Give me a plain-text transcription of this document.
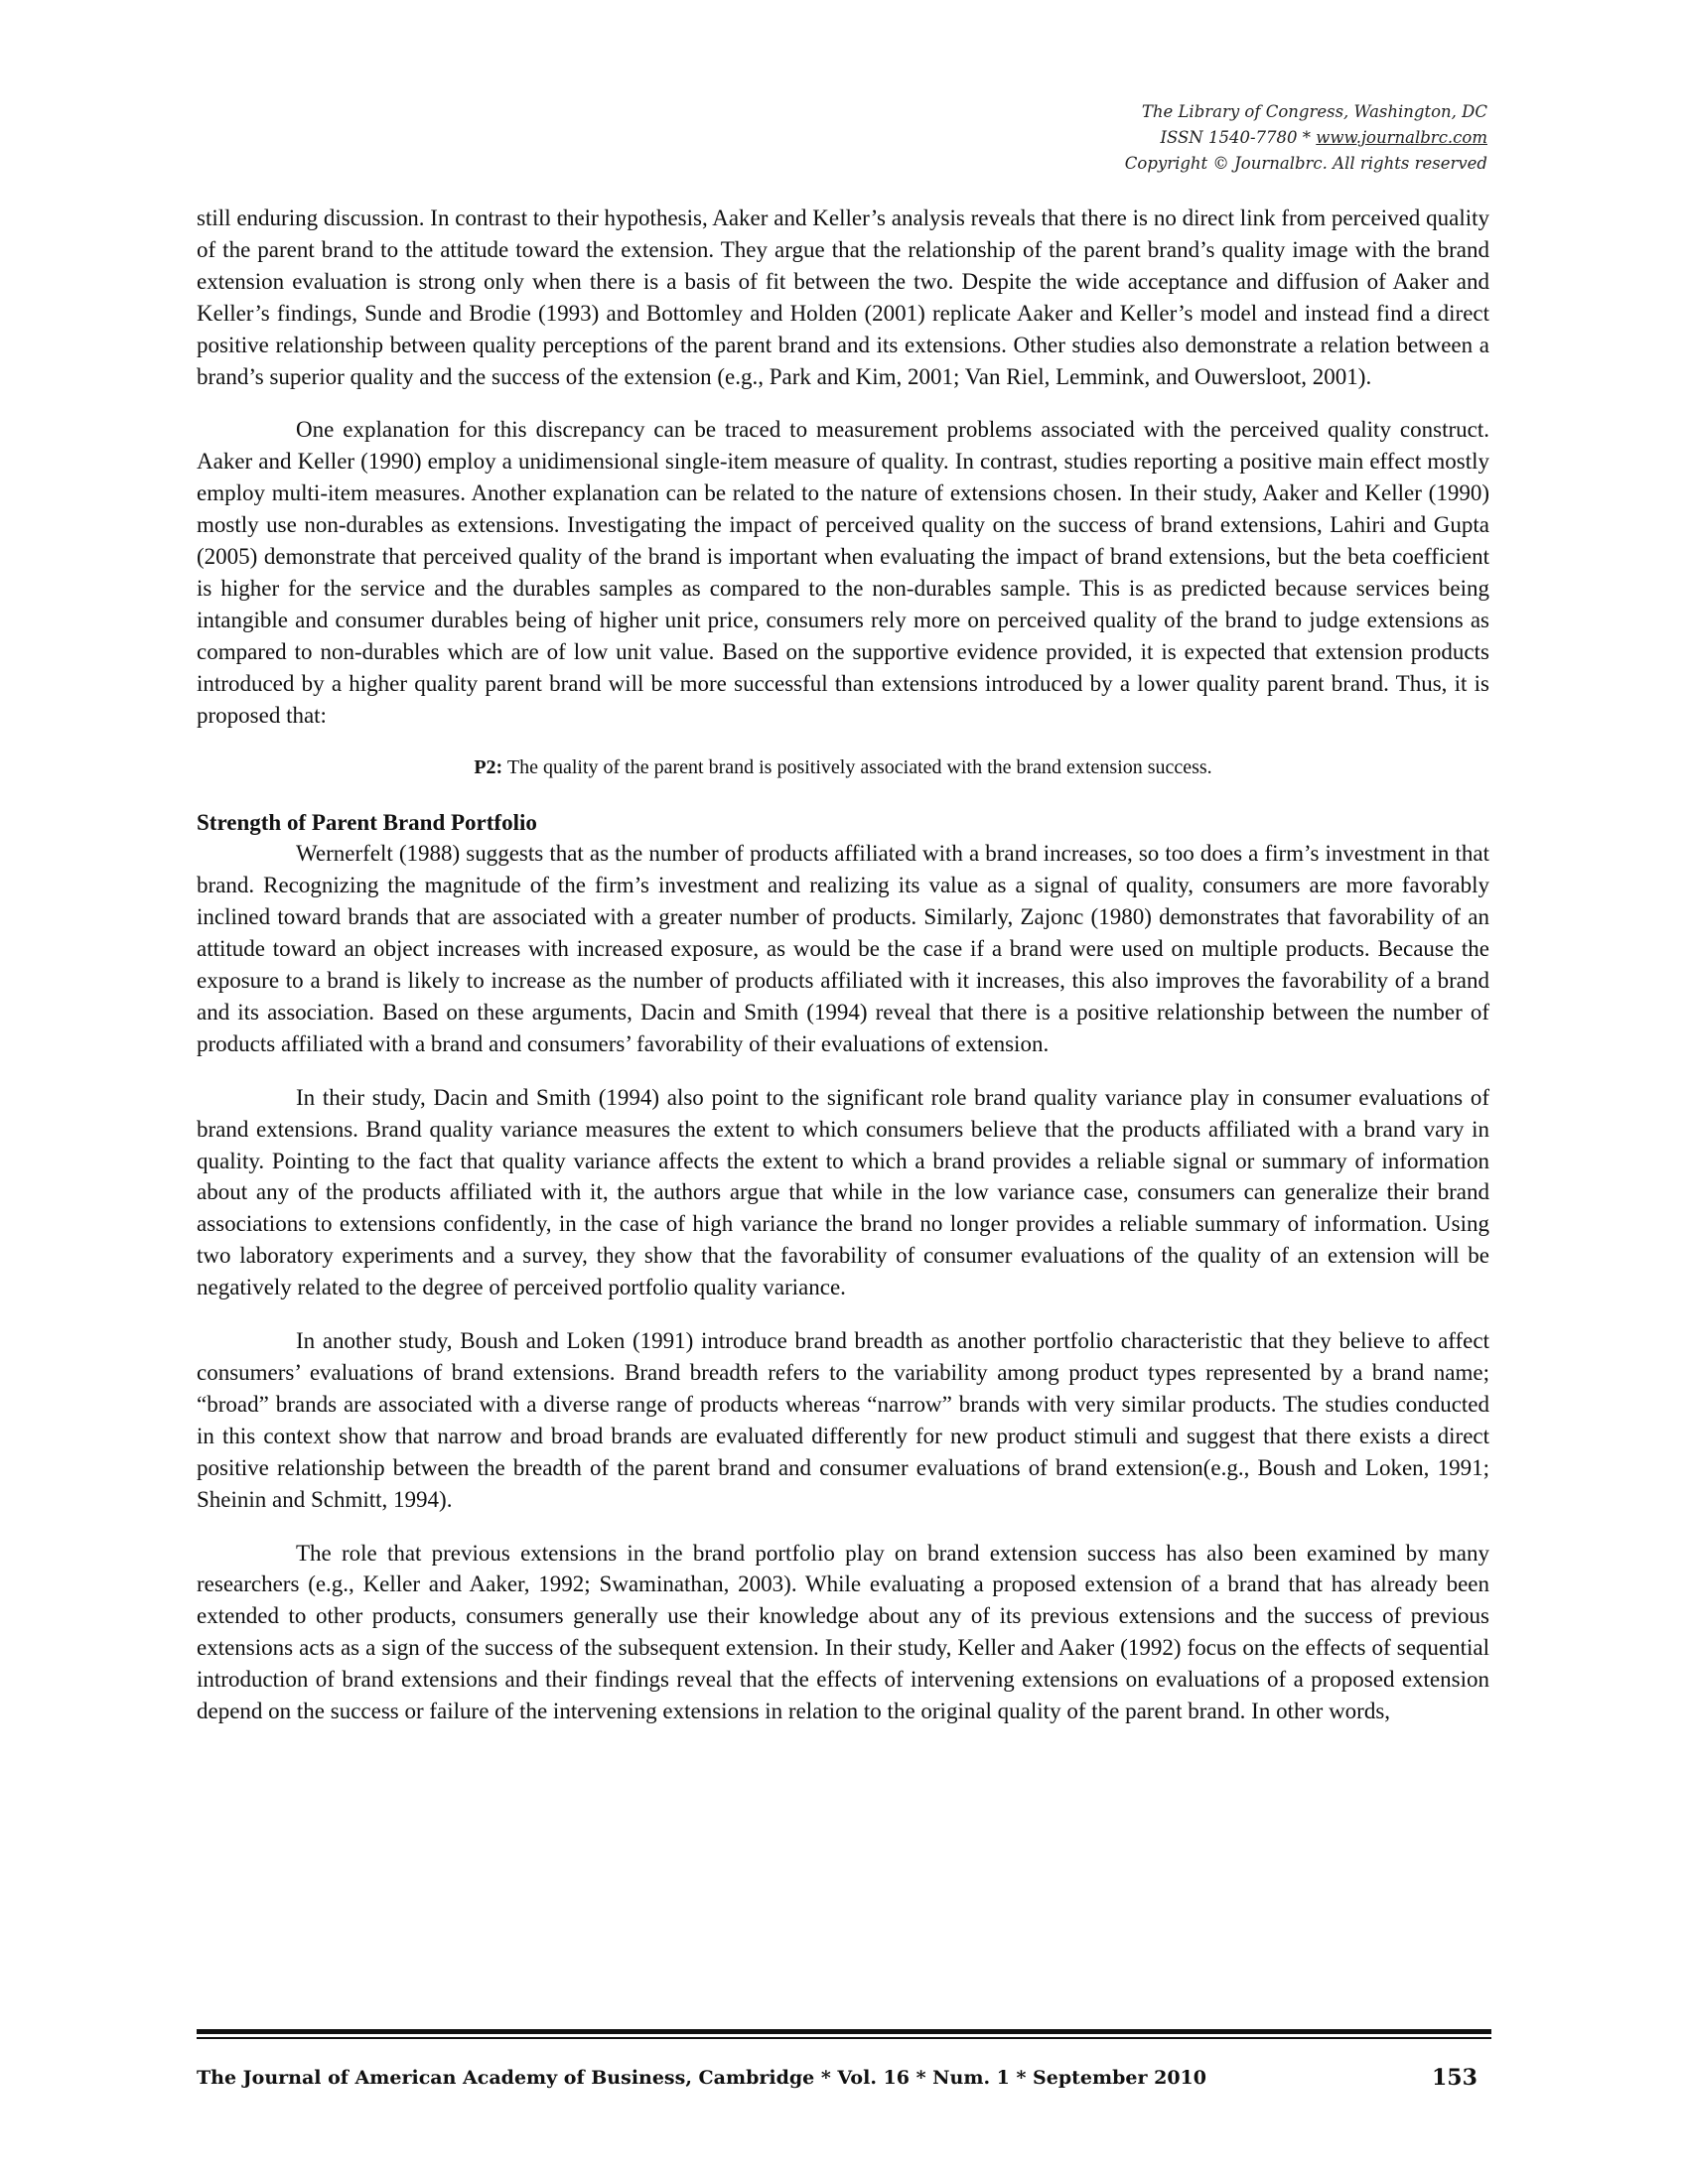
The Library of Congress, Washington, DC
ISSN 1540-7780 * www.journalbrc.com
Copyright © Journalbrc. All rights reserved

still enduring discussion. In contrast to their hypothesis, Aaker and Keller’s analysis reveals that there is no direct link from perceived quality of the parent brand to the attitude toward the extension. They argue that the relationship of the parent brand’s quality image with the brand extension evaluation is strong only when there is a basis of fit between the two. Despite the wide acceptance and diffusion of Aaker and Keller’s findings, Sunde and Brodie (1993) and Bottomley and Holden (2001) replicate Aaker and Keller’s model and instead find a direct positive relationship between quality perceptions of the parent brand and its extensions. Other studies also demonstrate a relation between a brand’s superior quality and the success of the extension (e.g., Park and Kim, 2001; Van Riel, Lemmink, and Ouwersloot, 2001).

One explanation for this discrepancy can be traced to measurement problems associated with the perceived quality construct. Aaker and Keller (1990) employ a unidimensional single-item measure of quality. In contrast, studies reporting a positive main effect mostly employ multi-item measures. Another explanation can be related to the nature of extensions chosen. In their study, Aaker and Keller (1990) mostly use non-durables as extensions. Investigating the impact of perceived quality on the success of brand extensions, Lahiri and Gupta (2005) demonstrate that perceived quality of the brand is important when evaluating the impact of brand extensions, but the beta coefficient is higher for the service and the durables samples as compared to the non-durables sample. This is as predicted because services being intangible and consumer durables being of higher unit price, consumers rely more on perceived quality of the brand to judge extensions as compared to non-durables which are of low unit value. Based on the supportive evidence provided, it is expected that extension products introduced by a higher quality parent brand will be more successful than extensions introduced by a lower quality parent brand. Thus, it is proposed that:

P2: The quality of the parent brand is positively associated with the brand extension success.
Strength of Parent Brand Portfolio

Wernerfelt (1988) suggests that as the number of products affiliated with a brand increases, so too does a firm’s investment in that brand. Recognizing the magnitude of the firm’s investment and realizing its value as a signal of quality, consumers are more favorably inclined toward brands that are associated with a greater number of products. Similarly, Zajonc (1980) demonstrates that favorability of an attitude toward an object increases with increased exposure, as would be the case if a brand were used on multiple products. Because the exposure to a brand is likely to increase as the number of products affiliated with it increases, this also improves the favorability of a brand and its association. Based on these arguments, Dacin and Smith (1994) reveal that there is a positive relationship between the number of products affiliated with a brand and consumers’ favorability of their evaluations of extension.

In their study, Dacin and Smith (1994) also point to the significant role brand quality variance play in consumer evaluations of brand extensions. Brand quality variance measures the extent to which consumers believe that the products affiliated with a brand vary in quality. Pointing to the fact that quality variance affects the extent to which a brand provides a reliable signal or summary of information about any of the products affiliated with it, the authors argue that while in the low variance case, consumers can generalize their brand associations to extensions confidently, in the case of high variance the brand no longer provides a reliable summary of information. Using two laboratory experiments and a survey, they show that the favorability of consumer evaluations of the quality of an extension will be negatively related to the degree of perceived portfolio quality variance.

In another study, Boush and Loken (1991) introduce brand breadth as another portfolio characteristic that they believe to affect consumers’ evaluations of brand extensions. Brand breadth refers to the variability among product types represented by a brand name; “broad” brands are associated with a diverse range of products whereas “narrow” brands with very similar products. The studies conducted in this context show that narrow and broad brands are evaluated differently for new product stimuli and suggest that there exists a direct positive relationship between the breadth of the parent brand and consumer evaluations of brand extension(e.g., Boush and Loken, 1991; Sheinin and Schmitt, 1994).

The role that previous extensions in the brand portfolio play on brand extension success has also been examined by many researchers (e.g., Keller and Aaker, 1992; Swaminathan, 2003). While evaluating a proposed extension of a brand that has already been extended to other products, consumers generally use their knowledge about any of its previous extensions and the success of previous extensions acts as a sign of the success of the subsequent extension. In their study, Keller and Aaker (1992) focus on the effects of sequential introduction of brand extensions and their findings reveal that the effects of intervening extensions on evaluations of a proposed extension depend on the success or failure of the intervening extensions in relation to the original quality of the parent brand. In other words,

The Journal of American Academy of Business, Cambridge * Vol. 16 * Num. 1 * September 2010	153
